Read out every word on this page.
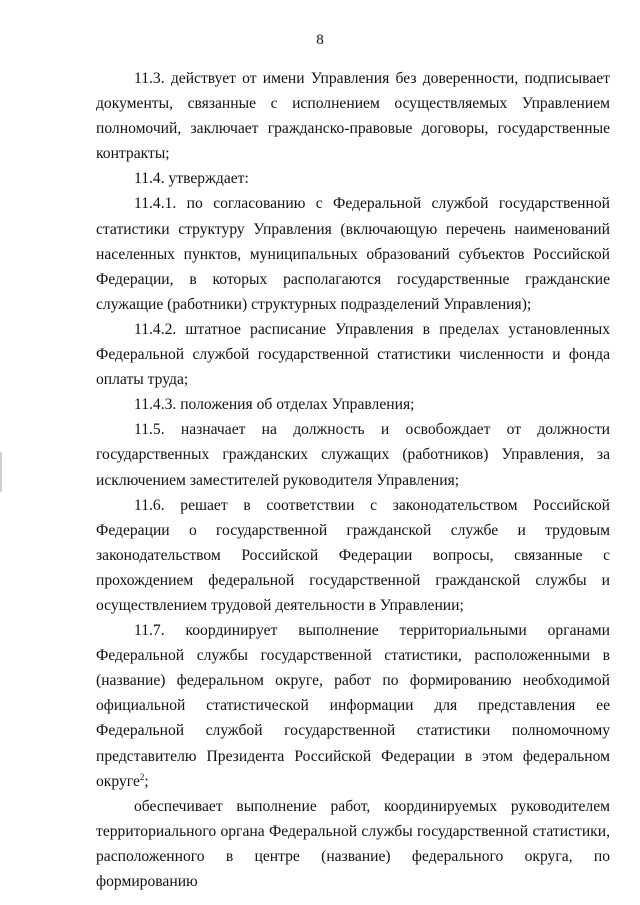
8

11.3. действует от имени Управления без доверенности, подписывает документы, связанные с исполнением осуществляемых Управлением полномочий, заключает гражданско-правовые договоры, государственные контракты;

11.4. утверждает:

11.4.1. по согласованию с Федеральной службой государственной статистики структуру Управления (включающую перечень наименований населенных пунктов, муниципальных образований субъектов Российской Федерации, в которых располагаются государственные гражданские служащие (работники) структурных подразделений Управления);

11.4.2. штатное расписание Управления в пределах установленных Федеральной службой государственной статистики численности и фонда оплаты труда;

11.4.3. положения об отделах Управления;

11.5. назначает на должность и освобождает от должности государственных гражданских служащих (работников) Управления, за исключением заместителей руководителя Управления;

11.6. решает в соответствии с законодательством Российской Федерации о государственной гражданской службе и трудовым законодательством Российской Федерации вопросы, связанные с прохождением федеральной государственной гражданской службы и осуществлением трудовой деятельности в Управлении;

11.7. координирует выполнение территориальными органами Федеральной службы государственной статистики, расположенными в (название) федеральном округе, работ по формированию необходимой официальной статистической информации для представления ее Федеральной службой государственной статистики полномочному представителю Президента Российской Федерации в этом федеральном округе$^2$;

обеспечивает выполнение работ, координируемых руководителем территориального органа Федеральной службы государственной статистики, расположенного в центре (название) федерального округа, по формированию
